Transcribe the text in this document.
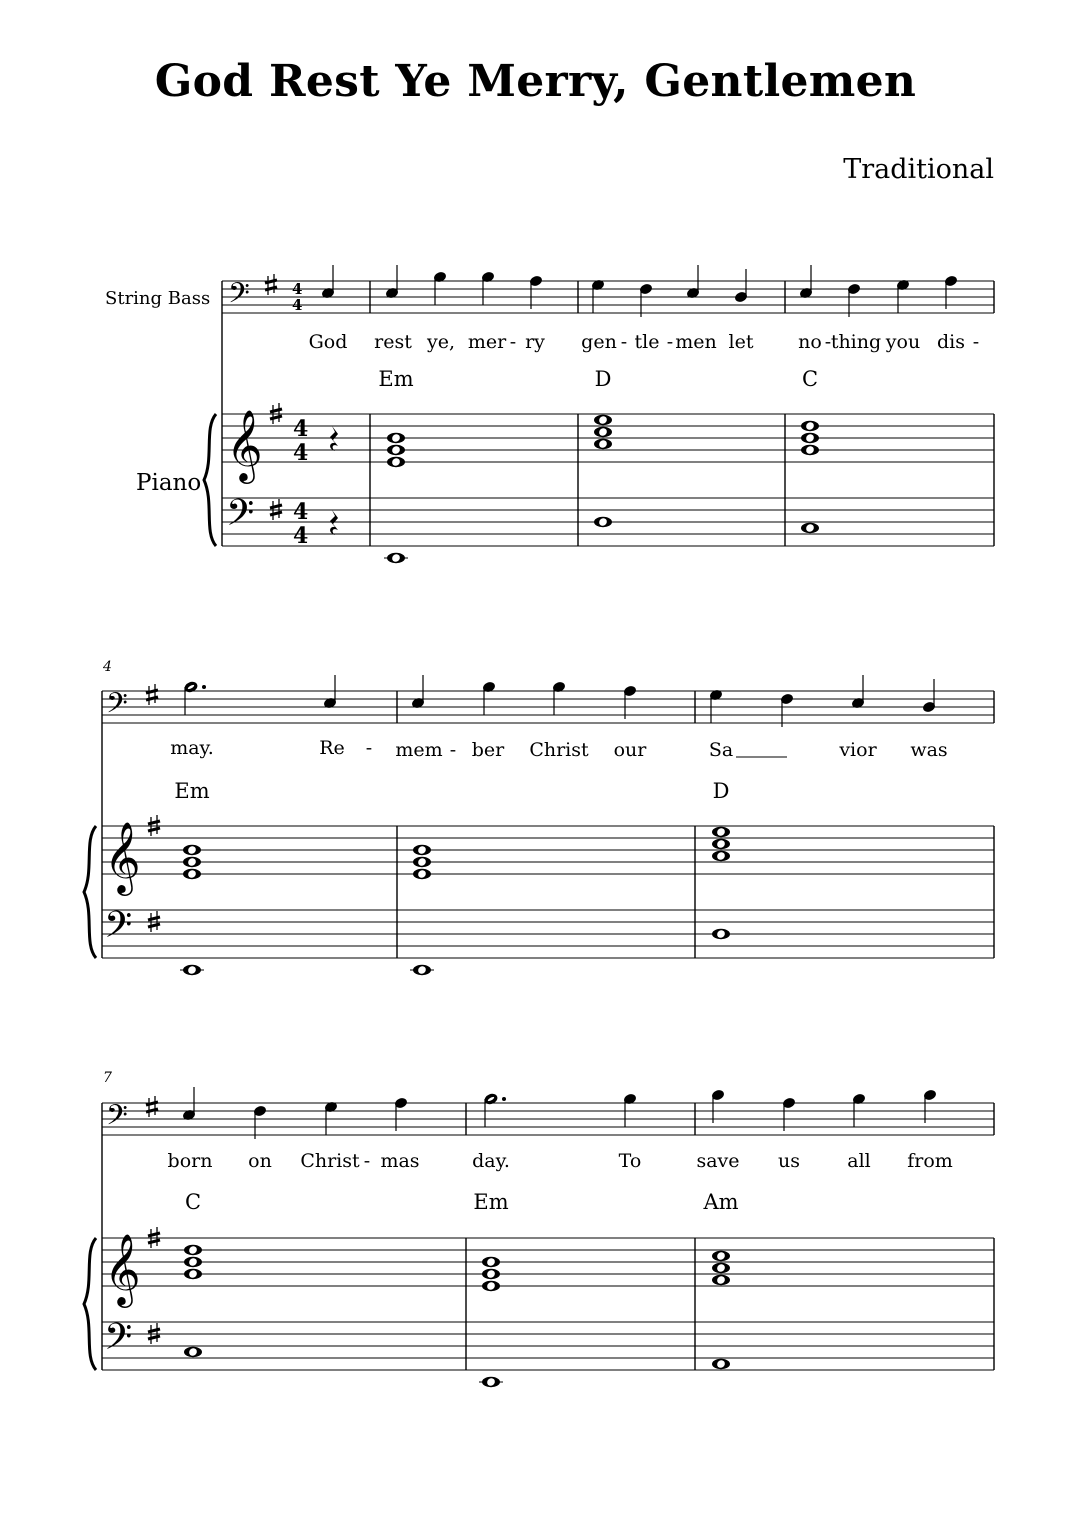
God Rest Ye Merry, Gentlemen
Traditional
String Bass
Piano
𝄢
𝄞
𝄢
4
4
4
4
4
4
God rest ye, mer - ry gen - tle - men let no - thing you dis -
Em	D	C
4
𝄢
𝄞
𝄢
may.	Re - mem - ber Christ our	Sa	vior was
Em	D
7
𝄢
𝄞
𝄢
born on Christ - mas	day.	To	save us all from
C	Em	Am
